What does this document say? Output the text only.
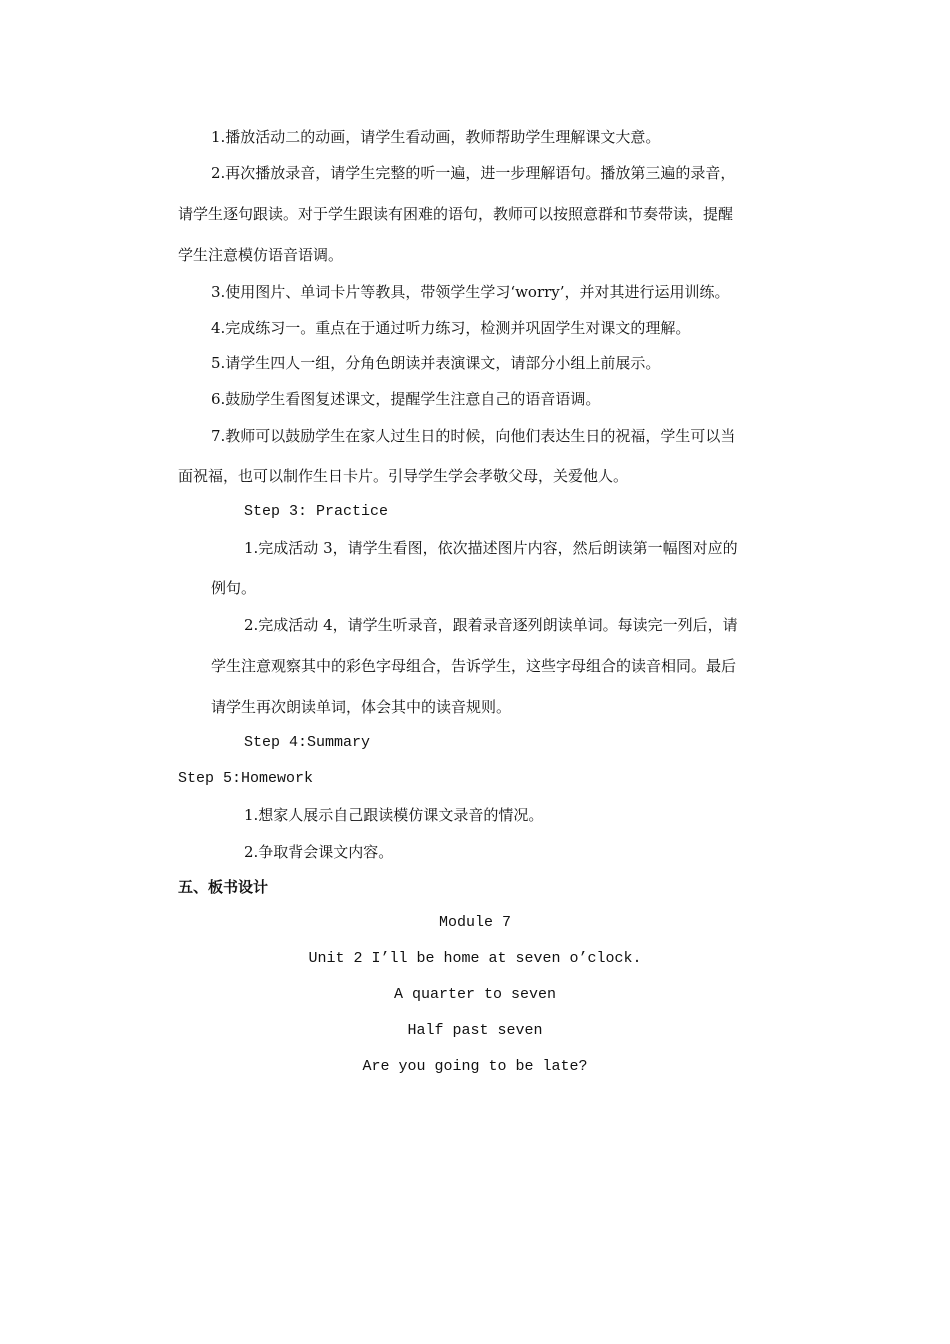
1.播放活动二的动画，请学生看动画，教师帮助学生理解课文大意。
2.再次播放录音，请学生完整的听一遍，进一步理解语句。播放第三遍的录音，
请学生逐句跟读。对于学生跟读有困难的语句，教师可以按照意群和节奏带读，提醒
学生注意模仿语音语调。
3.使用图片、单词卡片等教具，带领学生学习‘worry’，并对其进行运用训练。
4.完成练习一。重点在于通过听力练习，检测并巩固学生对课文的理解。
5.请学生四人一组，分角色朗读并表演课文，请部分小组上前展示。
6.鼓励学生看图复述课文，提醒学生注意自己的语音语调。
7.教师可以鼓励学生在家人过生日的时候，向他们表达生日的祝福，学生可以当
面祝福，也可以制作生日卡片。引导学生学会孝敬父母，关爱他人。
Step 3: Practice
1.完成活动 3，请学生看图，依次描述图片内容，然后朗读第一幅图对应的
例句。
2.完成活动 4，请学生听录音，跟着录音逐列朗读单词。每读完一列后，请
学生注意观察其中的彩色字母组合，告诉学生，这些字母组合的读音相同。最后
请学生再次朗读单词，体会其中的读音规则。
Step 4:Summary
Step 5:Homework
1.想家人展示自己跟读模仿课文录音的情况。
2.争取背会课文内容。
五、板书设计
Module 7
Unit 2 I’ll be home at seven o’clock.
A quarter to seven
Half past seven
Are you going to be late?
